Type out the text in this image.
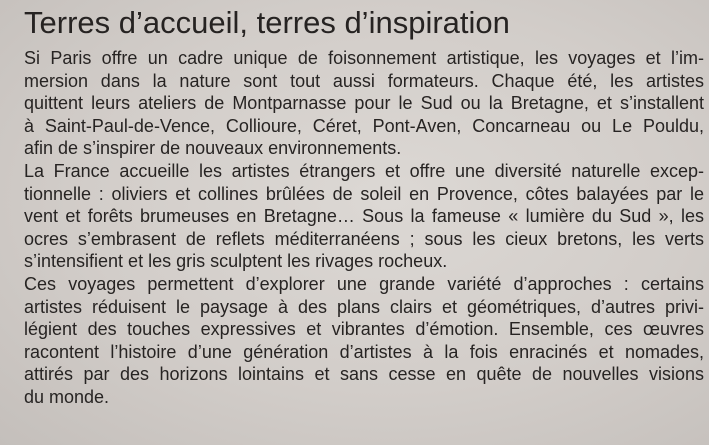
Terres d’accueil, terres d’inspiration
Si Paris offre un cadre unique de foisonnement artistique, les voyages et l’im-
mersion dans la nature sont tout aussi formateurs. Chaque été, les artistes
quittent leurs ateliers de Montparnasse pour le Sud ou la Bretagne, et s’installent
à Saint-Paul-de-Vence, Collioure, Céret, Pont-Aven, Concarneau ou Le Pouldu,
afin de s’inspirer de nouveaux environnements.
La France accueille les artistes étrangers et offre une diversité naturelle excep-
tionnelle : oliviers et collines brûlées de soleil en Provence, côtes balayées par le
vent et forêts brumeuses en Bretagne… Sous la fameuse « lumière du Sud », les
ocres s’embrasent de reflets méditerranéens ; sous les cieux bretons, les verts
s’intensifient et les gris sculptent les rivages rocheux.
Ces voyages permettent d’explorer une grande variété d’approches : certains
artistes réduisent le paysage à des plans clairs et géométriques, d’autres privi-
légient des touches expressives et vibrantes d’émotion. Ensemble, ces œuvres
racontent l’histoire d’une génération d’artistes à la fois enracinés et nomades,
attirés par des horizons lointains et sans cesse en quête de nouvelles visions
du monde.
